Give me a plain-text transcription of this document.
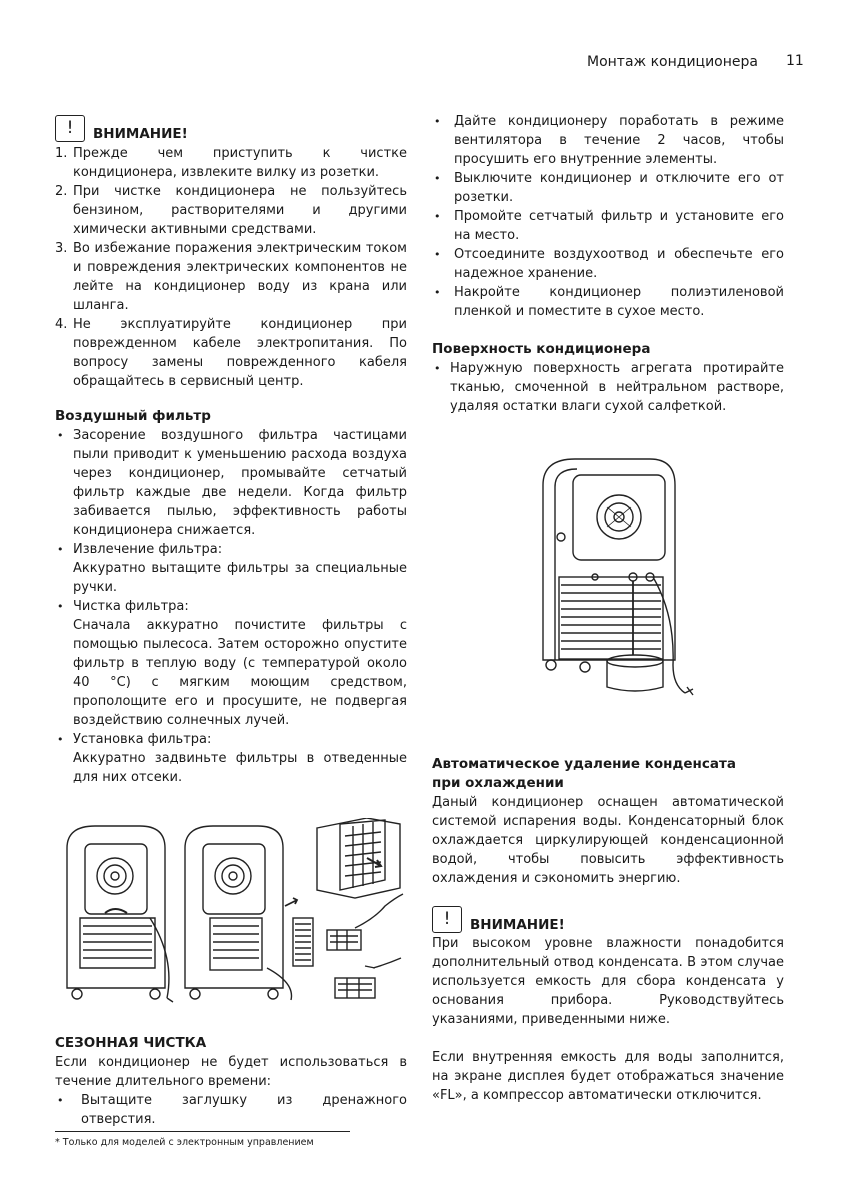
Монтаж кондиционера 11
!	ВНИМАНИЕ!
1. Прежде чем приступить к чистке кондиционера, извлеките вилку из розетки.
2. При чистке кондиционера не пользуйтесь бензином, растворителями и другими химически активными средствами.
3. Во избежание поражения электрическим током и повреждения электрических компонентов не лейте на кондиционер воду из крана или шланга.
4. Не эксплуатируйте кондиционер при поврежденном кабеле электропитания. По вопросу замены поврежденного кабеля обращайтесь в сервисный центр.
Воздушный фильтр
• Засорение воздушного фильтра частицами пыли приводит к уменьшению расхода воздуха через кондиционер, промывайте сетчатый фильтр каждые две недели. Когда фильтр забивается пылью, эффективность работы кондиционера снижается.
• Извлечение фильтра:
Аккуратно вытащите фильтры за специальные ручки.
• Чистка фильтра:
Сначала аккуратно почистите фильтры с помощью пылесоса. Затем осторожно опустите фильтр в теплую воду (с температурой около 40 °С) с мягким моющим средством, прополощите его и просушите, не подвергая воздействию солнечных лучей.
• Установка фильтра:
Аккуратно задвиньте фильтры в отведенные для них отсеки.
СЕЗОННАЯ ЧИСТКА

Если кондиционер не будет использоваться в течение длительного времени:

• Вытащите заглушку из дренажного отверстия.
• Дайте кондиционеру поработать в режиме вентилятора в течение 2 часов, чтобы просушить его внутренние элементы.
• Выключите кондиционер и отключите его от розетки.
• Промойте сетчатый фильтр и установите его на место.
• Отсоедините воздухоотвод и обеспечьте его надежное хранение.
• Накройте кондиционер полиэтиленовой пленкой и поместите в сухое место.
Поверхность кондиционера
• Наружную поверхность агрегата протирайте тканью, смоченной в нейтральном растворе, удаляя остатки влаги сухой салфеткой.
Автоматическое удаление конденсата
при охлаждении

Даный кондиционер оснащен автоматической системой испарения воды. Конденсаторный блок охлаждается циркулирующей конденсационной водой, чтобы повысить эффективность охлаждения и сэкономить энергию.

!	ВНИМАНИЕ!

При высоком уровне влажности понадобится дополнительный отвод конденсата. В этом случае используется емкость для сбора конденсата у основания прибора. Руководствуйтесь указаниями, приведенными ниже.

Если внутренняя емкость для воды заполнится, на экране дисплея будет отображаться значение «FL», а компрессор автоматически отключится.

* Только для моделей с электронным управлением
